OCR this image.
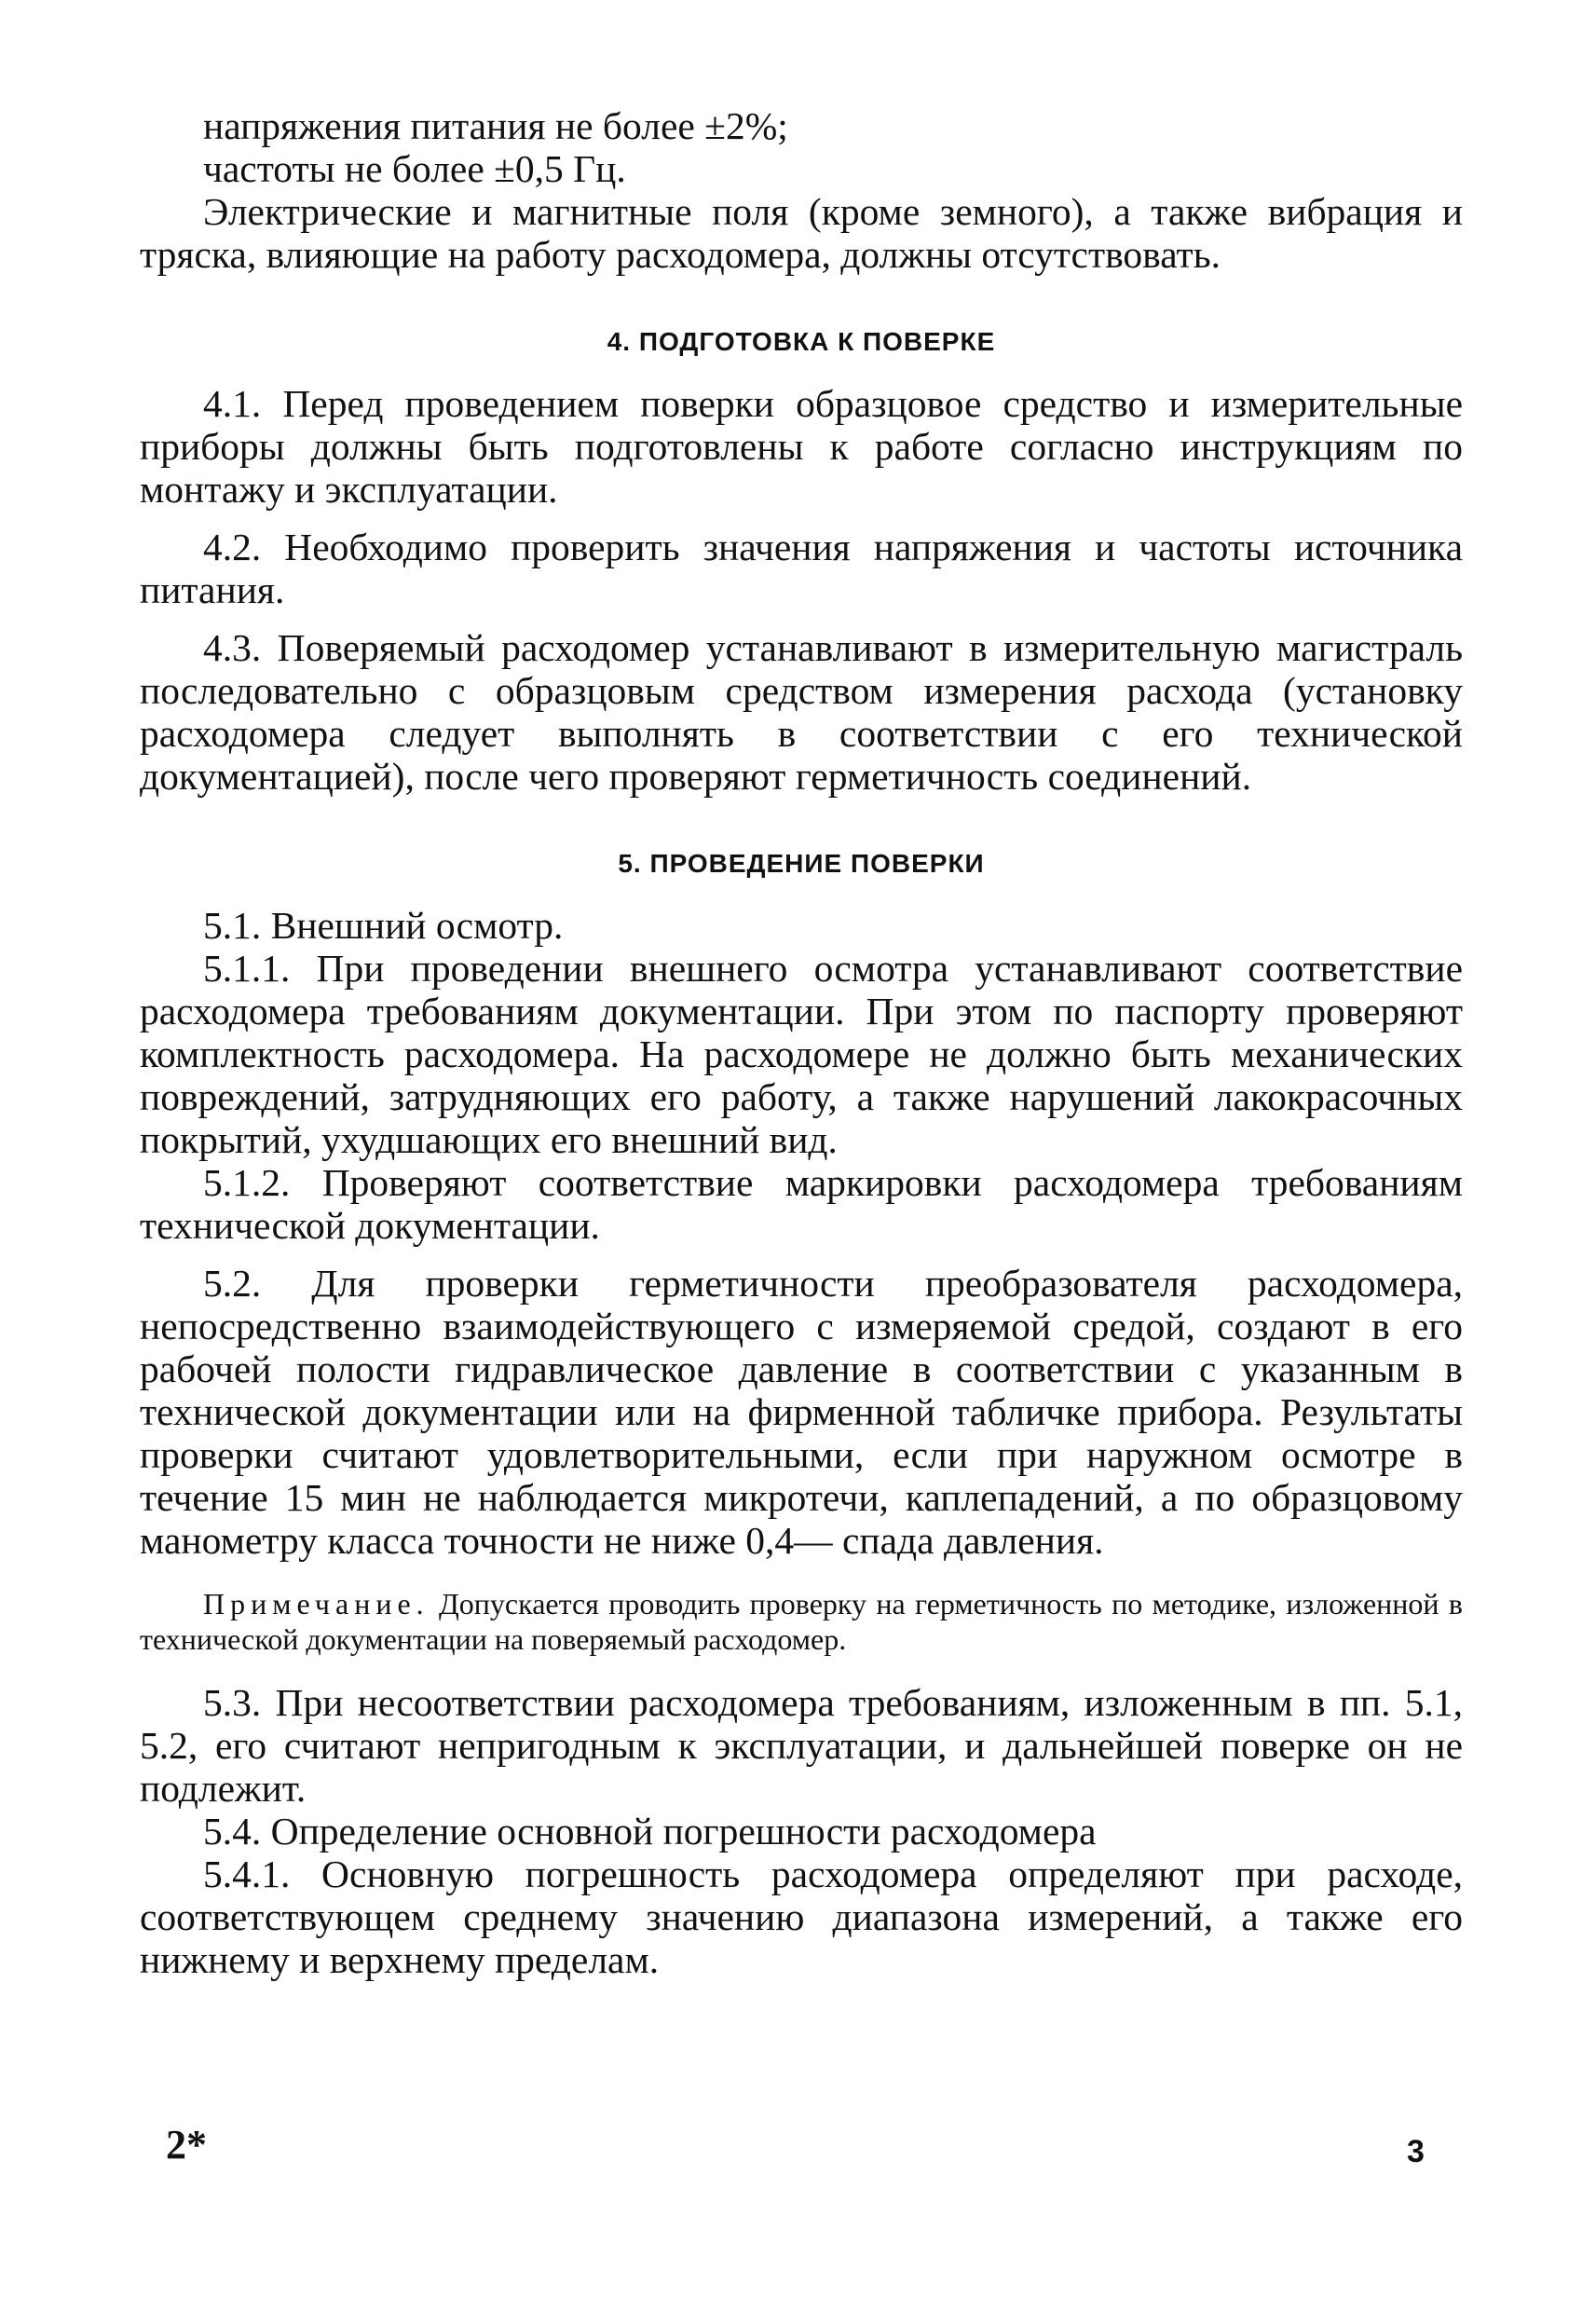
напряжения питания не более ±2%;

частоты не более ±0,5 Гц.

Электрические и магнитные поля (кроме земного), а также вибрация и тряска, влияющие на работу расходомера, должны отсутствовать.

4. ПОДГОТОВКА К ПОВЕРКЕ

4.1. Перед проведением поверки образцовое средство и измерительные приборы должны быть подготовлены к работе согласно инструкциям по монтажу и эксплуатации.

4.2. Необходимо проверить значения напряжения и частоты источника питания.

4.3. Поверяемый расходомер устанавливают в измерительную магистраль последовательно с образцовым средством измерения расхода (установку расходомера следует выполнять в соответствии с его технической документацией), после чего проверяют герметичность соединений.

5. ПРОВЕДЕНИЕ ПОВЕРКИ

5.1. Внешний осмотр.

5.1.1. При проведении внешнего осмотра устанавливают соответствие расходомера требованиям документации. При этом по паспорту проверяют комплектность расходомера. На расходомере не должно быть механических повреждений, затрудняющих его работу, а также нарушений лакокрасочных покрытий, ухудшающих его внешний вид.

5.1.2. Проверяют соответствие маркировки расходомера требованиям технической документации.

5.2. Для проверки герметичности преобразователя расходомера, непосредственно взаимодействующего с измеряемой средой, создают в его рабочей полости гидравлическое давление в соответствии с указанным в технической документации или на фирменной табличке прибора. Результаты проверки считают удовлетворительными, если при наружном осмотре в течение 15 мин не наблюдается микротечи, каплепадений, а по образцовому манометру класса точности не ниже 0,4— спада давления.

Примечание. Допускается проводить проверку на герметичность по методике, изложенной в технической документации на поверяемый расходомер.

5.3. При несоответствии расходомера требованиям, изложенным в пп. 5.1, 5.2, его считают непригодным к эксплуатации, и дальнейшей поверке он не подлежит.

5.4. Определение основной погрешности расходомера

5.4.1. Основную погрешность расходомера определяют при расходе, соответствующем среднему значению диапазона измерений, а также его нижнему и верхнему пределам.

2*	3
